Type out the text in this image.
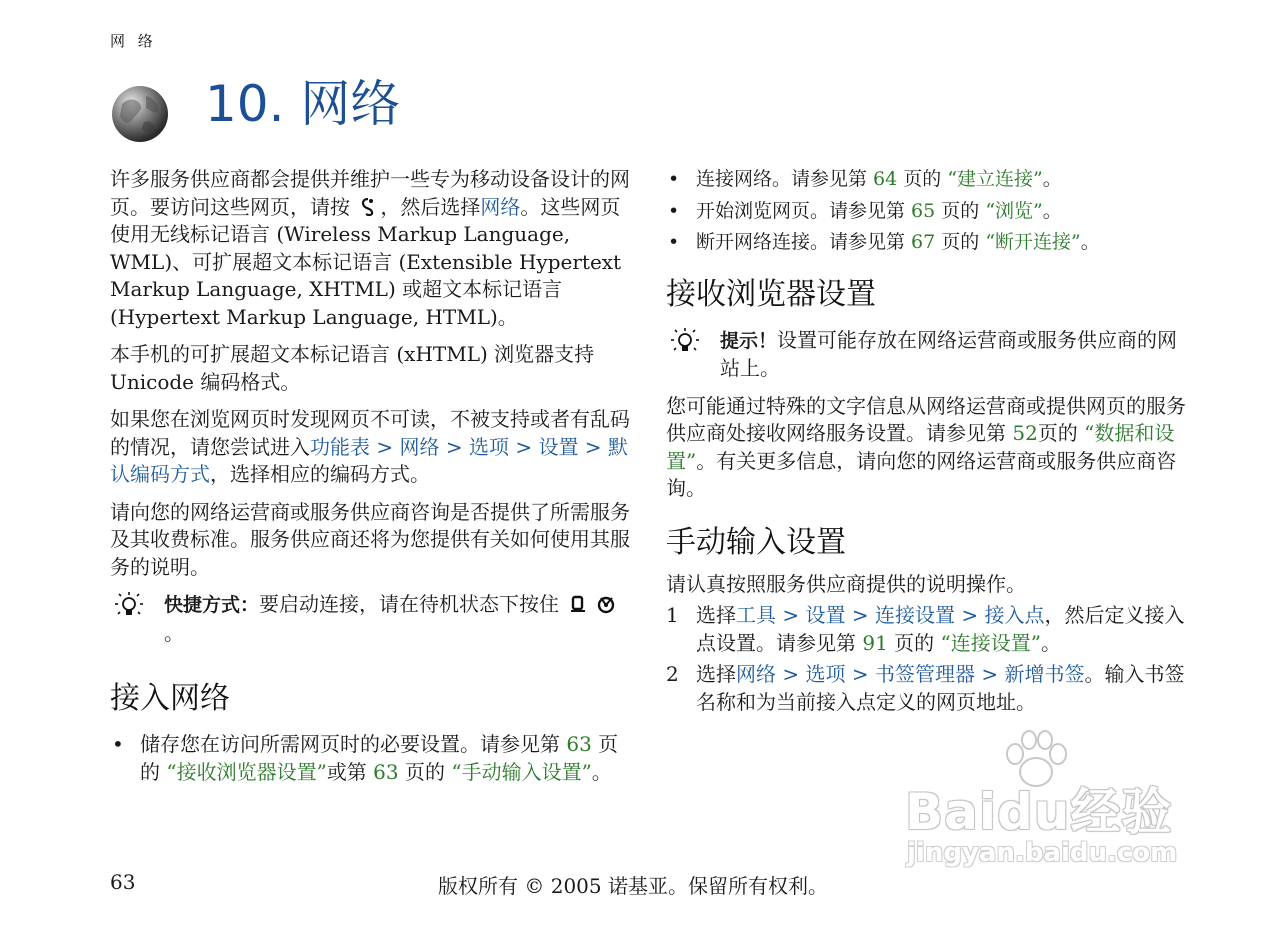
网 络
10. 网络

许多服务供应商都会提供并维护一些专为移动设备设计的网页。要访问这些网页，请按 ，然后选择网络。这些网页使用无线标记语言 (Wireless Markup Language, WML)、可扩展超文本标记语言 (Extensible Hypertext Markup Language, XHTML) 或超文本标记语言 (Hypertext Markup Language, HTML)。

本手机的可扩展超文本标记语言 (xHTML) 浏览器支持 Unicode 编码格式。

如果您在浏览网页时发现网页不可读，不被支持或者有乱码的情况，请您尝试进入功能表 > 网络 > 选项 > 设置 > 默认编码方式，选择相应的编码方式。

请向您的网络运营商或服务供应商咨询是否提供了所需服务及其收费标准。服务供应商还将为您提供有关如何使用其服务的说明。

快捷方式：要启动连接，请在待机状态下按住 。
接入网络
• 储存您在访问所需网页时的必要设置。请参见第 63 页的 “接收浏览器设置”或第 63 页的 “手动输入设置”。
• 连接网络。请参见第 64 页的 “建立连接”。
• 开始浏览网页。请参见第 65 页的 “浏览”。
• 断开网络连接。请参见第 67 页的 “断开连接”。
接收浏览器设置
提示！设置可能存放在网络运营商或服务供应商的网站上。

您可能通过特殊的文字信息从网络运营商或提供网页的服务供应商处接收网络服务设置。请参见第 52页的 “数据和设置”。有关更多信息，请向您的网络运营商或服务供应商咨询。

手动输入设置

请认真按照服务供应商提供的说明操作。

1 选择工具 > 设置 > 连接设置 > 接入点，然后定义接入点设置。请参见第 91 页的 “连接设置”。
2 选择网络 > 选项 > 书签管理器 > 新增书签。输入书签名称和为当前接入点定义的网页地址。
Baidu经验
jingyan.baidu.com
63	版权所有 © 2005 诺基亚。保留所有权利。
